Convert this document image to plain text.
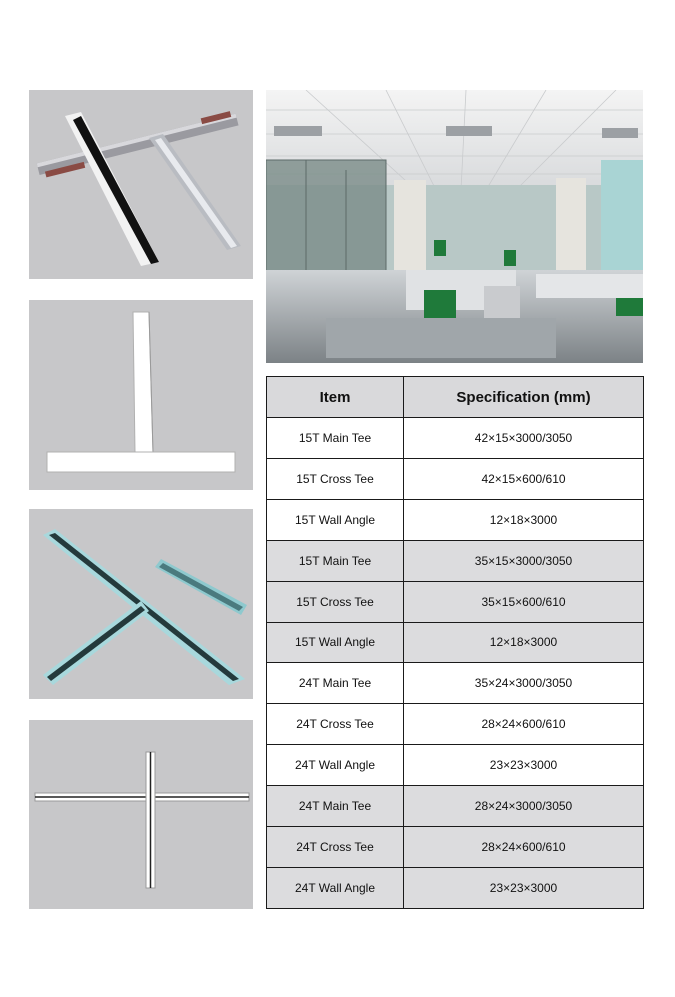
Item	Specification (mm)
15T Main Tee	42×15×3000/3050
15T Cross Tee	42×15×600/610
15T Wall Angle	12×18×3000
15T Main Tee	35×15×3000/3050
15T Cross Tee	35×15×600/610
15T Wall Angle	12×18×3000
24T Main Tee	35×24×3000/3050
24T Cross Tee	28×24×600/610
24T Wall Angle	23×23×3000
24T Main Tee	28×24×3000/3050
24T Cross Tee	28×24×600/610
24T Wall Angle	23×23×3000
